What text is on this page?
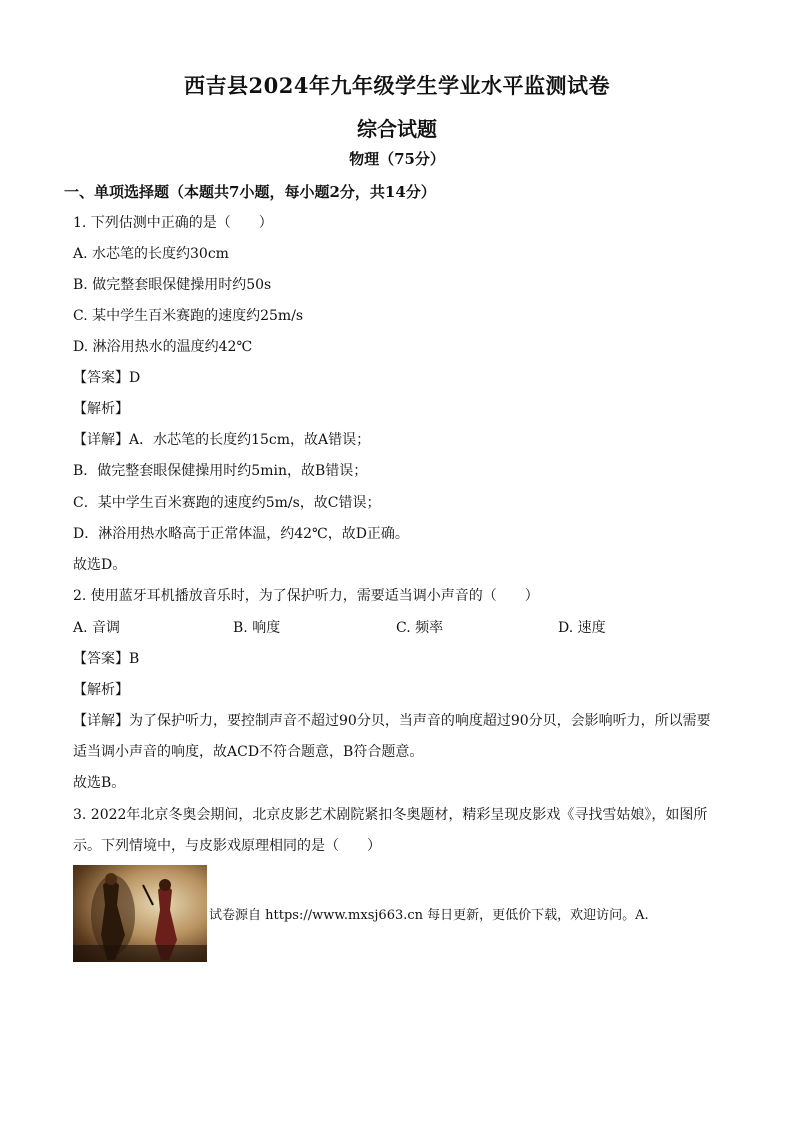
西吉县2024年九年级学生学业水平监测试卷
综合试题
物理（75分）
一、单项选择题（本题共7小题，每小题2分，共14分）
1. 下列估测中正确的是（　　）
A. 水芯笔的长度约30cm
B. 做完整套眼保健操用时约50s
C. 某中学生百米赛跑的速度约25m/s
D. 淋浴用热水的温度约42℃
【答案】D
【解析】
【详解】A．水芯笔的长度约15cm，故A错误；
B．做完整套眼保健操用时约5min，故B错误；
C．某中学生百米赛跑的速度约5m/s，故C错误；
D．淋浴用热水略高于正常体温，约42℃，故D正确。
故选D。
2. 使用蓝牙耳机播放音乐时，为了保护听力，需要适当调小声音的（　　）
A. 音调	B. 响度	C. 频率	D. 速度
【答案】B
【解析】
【详解】为了保护听力，要控制声音不超过90分贝，当声音的响度超过90分贝，会影响听力，所以需要
适当调小声音的响度，故ACD不符合题意，B符合题意。
故选B。
3. 2022年北京冬奥会期间，北京皮影艺术剧院紧扣冬奥题材，精彩呈现皮影戏《寻找雪姑娘》，如图所
示。下列情境中，与皮影戏原理相同的是（　　）
试卷源自 https://www.mxsj663.cn 每日更新，更低价下载，欢迎访问。A.
